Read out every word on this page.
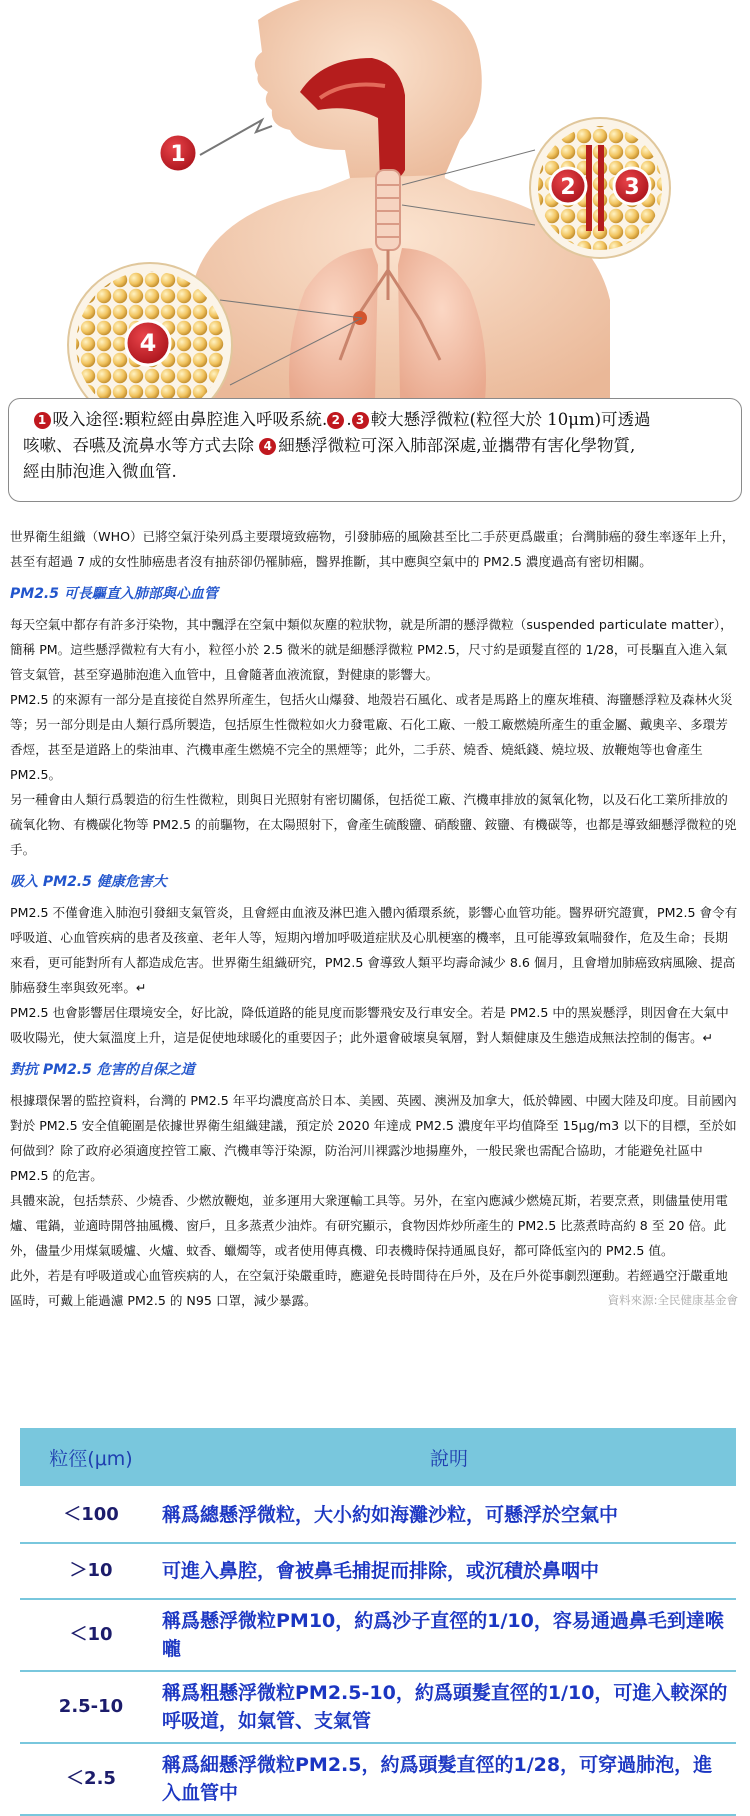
1
2 3
4
1 吸入途徑:顆粒經由鼻腔進入呼吸系統. 2 . 3 較大懸浮微粒(粒徑大於 10μm)可透過
咳嗽、吞嚥及流鼻水等方式去除 4 細懸浮微粒可深入肺部深處,並攜帶有害化學物質,
經由肺泡進入微血管.

世界衛生組織（WHO）已將空氣汙染列爲主要環境致癌物，引發肺癌的風險甚至比二手菸更爲嚴重；台灣肺癌的發生率逐年上升，甚至有超過 7 成的女性肺癌患者沒有抽菸卻仍罹肺癌，醫界推斷，其中應與空氣中的 PM2.5 濃度過高有密切相關。

PM2.5 可長驅直入肺部與心血管

每天空氣中都存有許多汙染物，其中飄浮在空氣中類似灰塵的粒狀物，就是所謂的懸浮微粒（suspended particulate matter），簡稱 PM。這些懸浮微粒有大有小，粒徑小於 2.5 微米的就是細懸浮微粒 PM2.5，尺寸約是頭髮直徑的 1/28，可長驅直入進入氣管支氣管，甚至穿過肺泡進入血管中，且會隨著血液流竄，對健康的影響大。

PM2.5 的來源有一部分是直接從自然界所產生，包括火山爆發、地殼岩石風化、或者是馬路上的塵灰堆積、海鹽懸浮粒及森林火災等；另一部分則是由人類行爲所製造，包括原生性微粒如火力發電廠、石化工廠、一般工廠燃燒所產生的重金屬、戴奧辛、多環芳香烴，甚至是道路上的柴油車、汽機車產生燃燒不完全的黑煙等；此外，二手菸、燒香、燒紙錢、燒垃圾、放鞭炮等也會產生 PM2.5。

另一種會由人類行爲製造的衍生性微粒，則與日光照射有密切關係，包括從工廠、汽機車排放的氮氧化物，以及石化工業所排放的硫氧化物、有機碳化物等 PM2.5 的前驅物，在太陽照射下，會產生硫酸鹽、硝酸鹽、銨鹽、有機碳等，也都是導致細懸浮微粒的兇手。

吸入 PM2.5 健康危害大

PM2.5 不僅會進入肺泡引發細支氣管炎，且會經由血液及淋巴進入體內循環系統，影響心血管功能。醫界研究證實，PM2.5 會令有呼吸道、心血管疾病的患者及孩童、老年人等，短期內增加呼吸道症狀及心肌梗塞的機率，且可能導致氣喘發作，危及生命；長期來看，更可能對所有人都造成危害。世界衛生組織研究，PM2.5 會導致人類平均壽命減少 8.6 個月，且會增加肺癌致病風險、提高肺癌發生率與致死率。↵

PM2.5 也會影響居住環境安全，好比說，降低道路的能見度而影響飛安及行車安全。若是 PM2.5 中的黑炭懸浮，則因會在大氣中吸收陽光，使大氣溫度上升，這是促使地球暖化的重要因子；此外還會破壞臭氧層，對人類健康及生態造成無法控制的傷害。↵

對抗 PM2.5 危害的自保之道

根據環保署的監控資料，台灣的 PM2.5 年平均濃度高於日本、美國、英國、澳洲及加拿大，低於韓國、中國大陸及印度。目前國內對於 PM2.5 安全值範圍是依據世界衛生組織建議，預定於 2020 年達成 PM2.5 濃度年平均值降至 15μg/m3 以下的目標，至於如何做到？除了政府必須適度控管工廠、汽機車等汙染源，防治河川裸露沙地揚塵外，一般民衆也需配合協助，才能避免社區中 PM2.5 的危害。

具體來說，包括禁菸、少燒香、少燃放鞭炮，並多運用大衆運輸工具等。另外，在室內應減少燃燒瓦斯，若要烹煮，則儘量使用電爐、電鍋，並適時開啓抽風機、窗戶，且多蒸煮少油炸。有研究顯示，食物因炸炒所產生的 PM2.5 比蒸煮時高約 8 至 20 倍。此外，儘量少用煤氣暖爐、火爐、蚊香、蠟燭等，或者使用傳真機、印表機時保持通風良好，都可降低室內的 PM2.5 值。

此外，若是有呼吸道或心血管疾病的人，在空氣汙染嚴重時，應避免長時間待在戶外，及在戶外從事劇烈運動。若經過空汙嚴重地區時，可戴上能過濾 PM2.5 的 N95 口罩，減少暴露。	資料來源:全民健康基金會

粒徑(μm)	說明
＜100	稱爲總懸浮微粒，大小約如海灘沙粒，可懸浮於空氣中
＞10	可進入鼻腔，會被鼻毛捕捉而排除，或沉積於鼻咽中
＜10	稱爲懸浮微粒PM10，約爲沙子直徑的1/10，容易通過鼻毛到達喉嚨
2.5-10	稱爲粗懸浮微粒PM2.5-10，約爲頭髮直徑的1/10，可進入較深的呼吸道，如氣管、支氣管
＜2.5	稱爲細懸浮微粒PM2.5，約爲頭髮直徑的1/28，可穿過肺泡，進入血管中
